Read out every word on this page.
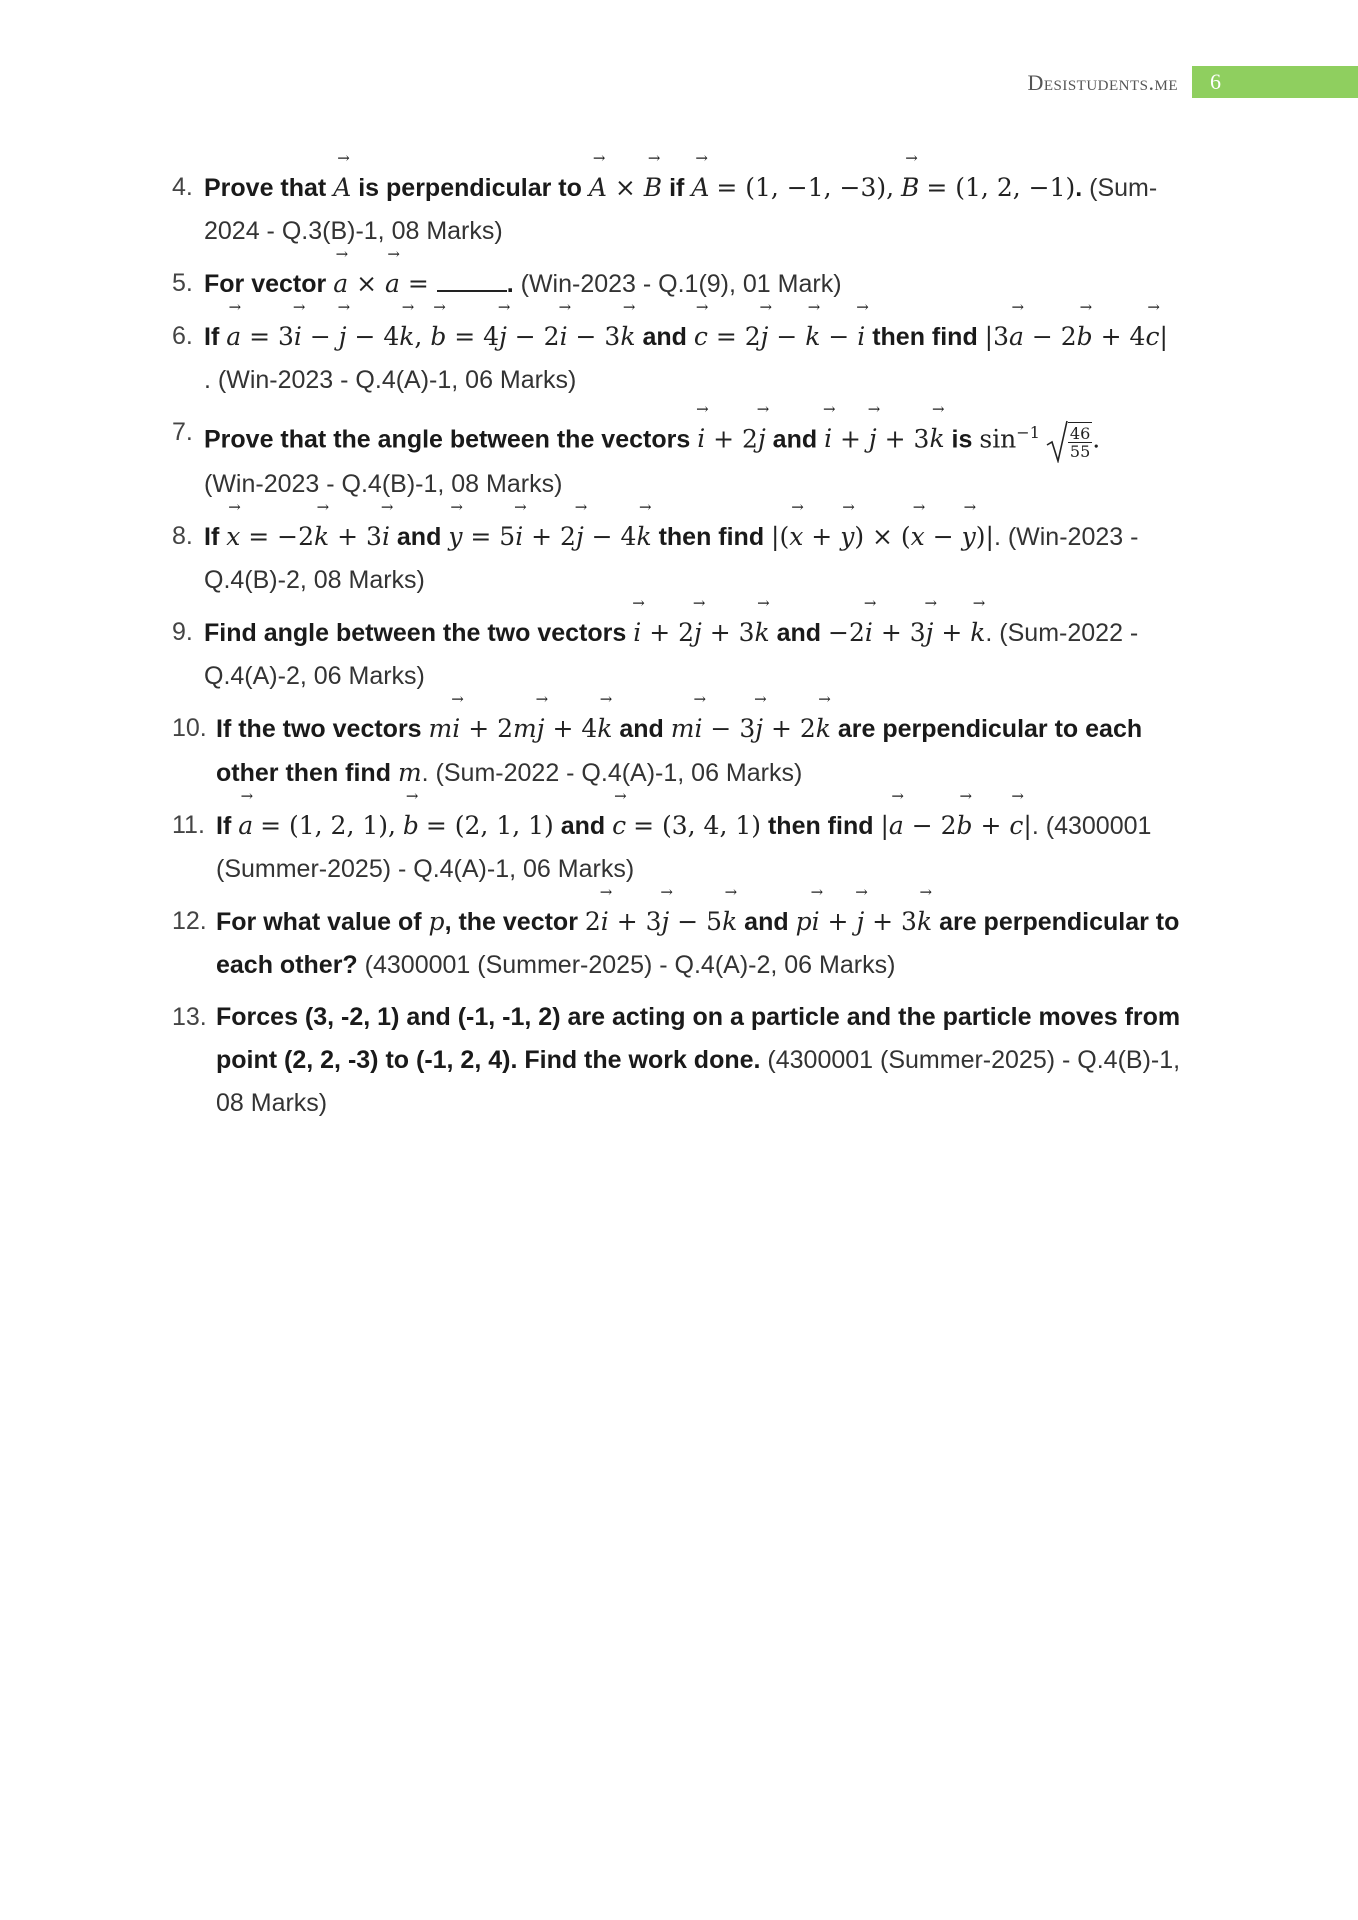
Desistudents.me	6
4. Prove that A → is perpendicular to A → × B → if A → = (1, −1, −3), B → = (1, 2, −1). (Sum-2024 - Q.3(B)-1, 08 Marks)
5. For vector a → × a → =	. (Win-2023 - Q.1(9), 01 Mark)
6. If a → = 3i → − j → − 4k →, b → = 4j → − 2i → − 3k → and c → = 2j → − k → − i → then find |3a → − 2b → + 4c →|
. (Win-2023 - Q.4(A)-1, 06 Marks)
7. Prove that the angle between the vectors i → + 2j → and i → + j → + 3k → is $\sin^{-1} \frac{46}{55}$ .
(Win-2023 - Q.4(B)-1, 08 Marks)
8. If x → = −2k → + 3i → and y → = 5i → + 2j → − 4k → then find |(x → + y →) × (x → − y →)|. (Win-2023 - Q.4(B)-2, 08 Marks)
9. Find angle between the two vectors i → + 2j → + 3k → and −2i → + 3j → + k →. (Sum-2022 - Q.4(A)-2, 06 Marks)
10. If the two vectors mi → + 2mj → + 4k → and mi → − 3j → + 2k → are perpendicular to each other then find m. (Sum-2022 - Q.4(A)-1, 06 Marks)
11. If a → = (1, 2, 1), b → = (2, 1, 1) and c → = (3, 4, 1) then find |a → − 2b → + c →|. (4300001 (Summer-2025) - Q.4(A)-1, 06 Marks)
12. For what value of p, the vector 2i → + 3j → − 5k → and pi → + j → + 3k → are perpendicular to each other? (4300001 (Summer-2025) - Q.4(A)-2, 06 Marks)
13. Forces (3, -2, 1) and (-1, -1, 2) are acting on a particle and the particle moves from point (2, 2, -3) to (-1, 2, 4). Find the work done. (4300001 (Summer-2025) - Q.4(B)-1, 08 Marks)
